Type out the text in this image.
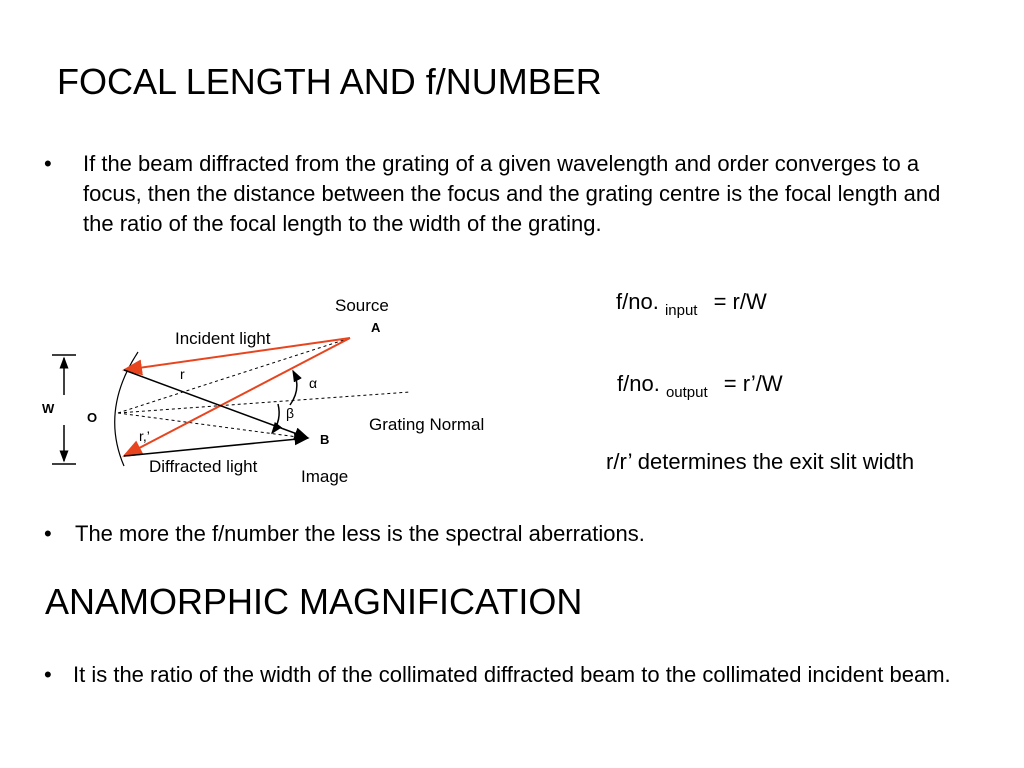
FOCAL LENGTH AND f/NUMBER
• If the beam diffracted from the grating of a given wavelength and order converges to a focus, then the distance between the focus and the grating centre is the focal length and the ratio of the focal length to the width of the grating.
Source
A
Incident light
r
α
β
W
O
r,’	B
Grating Normal
Diffracted light
Image
f/no. $_{input}$ = r/W
f/no. $_{output}$ = r’/W
r/r’ determines the exit slit width
• The more the f/number the less is the spectral aberrations.
ANAMORPHIC MAGNIFICATION
• It is the ratio of the width of the collimated diffracted beam to the collimated incident beam.
